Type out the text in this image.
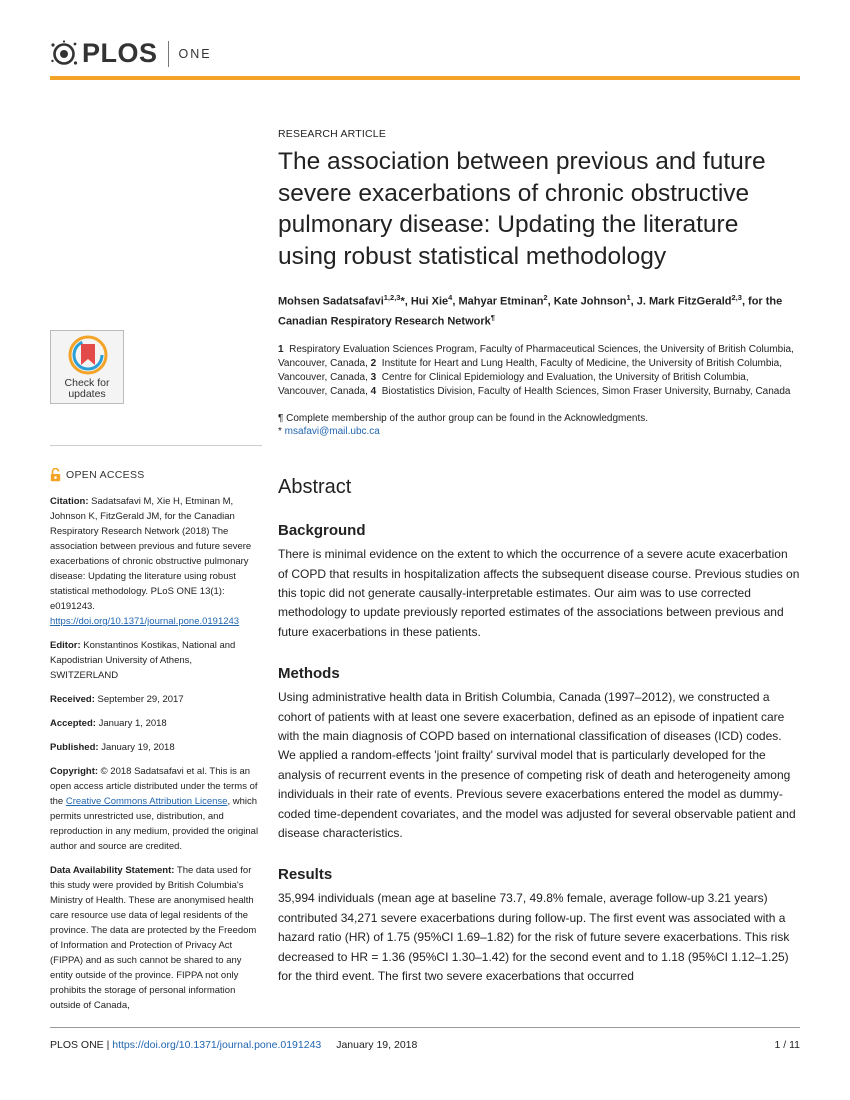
PLOS ONE
Check for
updates
OPEN ACCESS
Citation: Sadatsafavi M, Xie H, Etminan M, Johnson K, FitzGerald JM, for the Canadian Respiratory Research Network (2018) The association between previous and future severe exacerbations of chronic obstructive pulmonary disease: Updating the literature using robust statistical methodology. PLoS ONE 13(1): e0191243. https://doi.org/10.1371/journal.pone.0191243
Editor: Konstantinos Kostikas, National and Kapodistrian University of Athens, SWITZERLAND
Received: September 29, 2017
Accepted: January 1, 2018
Published: January 19, 2018
Copyright: © 2018 Sadatsafavi et al. This is an open access article distributed under the terms of the Creative Commons Attribution License, which permits unrestricted use, distribution, and reproduction in any medium, provided the original author and source are credited.
Data Availability Statement: The data used for this study were provided by British Columbia's Ministry of Health. These are anonymised health care resource use data of legal residents of the province. The data are protected by the Freedom of Information and Protection of Privacy Act (FIPPA) and as such cannot be shared to any entity outside of the province. FIPPA not only prohibits the storage of personal information outside of Canada,
RESEARCH ARTICLE
The association between previous and future severe exacerbations of chronic obstructive pulmonary disease: Updating the literature using robust statistical methodology
Mohsen Sadatsafavi$^{1,2,3}$*, Hui Xie$^4$, Mahyar Etminan$^2$, Kate Johnson$^1$, J. Mark FitzGerald$^{2,3}$, for the Canadian Respiratory Research Network¶
1 Respiratory Evaluation Sciences Program, Faculty of Pharmaceutical Sciences, the University of British Columbia, Vancouver, Canada, 2 Institute for Heart and Lung Health, Faculty of Medicine, the University of British Columbia, Vancouver, Canada, 3 Centre for Clinical Epidemiology and Evaluation, the University of British Columbia, Vancouver, Canada, 4 Biostatistics Division, Faculty of Health Sciences, Simon Fraser University, Burnaby, Canada
¶ Complete membership of the author group can be found in the Acknowledgments.
* msafavi@mail.ubc.ca
Abstract
Background
There is minimal evidence on the extent to which the occurrence of a severe acute exacerbation of COPD that results in hospitalization affects the subsequent disease course. Previous studies on this topic did not generate causally-interpretable estimates. Our aim was to use corrected methodology to update previously reported estimates of the associations between previous and future exacerbations in these patients.
Methods
Using administrative health data in British Columbia, Canada (1997–2012), we constructed a cohort of patients with at least one severe exacerbation, defined as an episode of inpatient care with the main diagnosis of COPD based on international classification of diseases (ICD) codes. We applied a random-effects 'joint frailty' survival model that is particularly developed for the analysis of recurrent events in the presence of competing risk of death and heterogeneity among individuals in their rate of events. Previous severe exacerbations entered the model as dummy-coded time-dependent covariates, and the model was adjusted for several observable patient and disease characteristics.
Results
35,994 individuals (mean age at baseline 73.7, 49.8% female, average follow-up 3.21 years) contributed 34,271 severe exacerbations during follow-up. The first event was associated with a hazard ratio (HR) of 1.75 (95%CI 1.69–1.82) for the risk of future severe exacerbations. This risk decreased to HR = 1.36 (95%CI 1.30–1.42) for the second event and to 1.18 (95%CI 1.12–1.25) for the third event. The first two severe exacerbations that occurred
PLOS ONE | https://doi.org/10.1371/journal.pone.0191243 January 19, 2018	1 / 11
